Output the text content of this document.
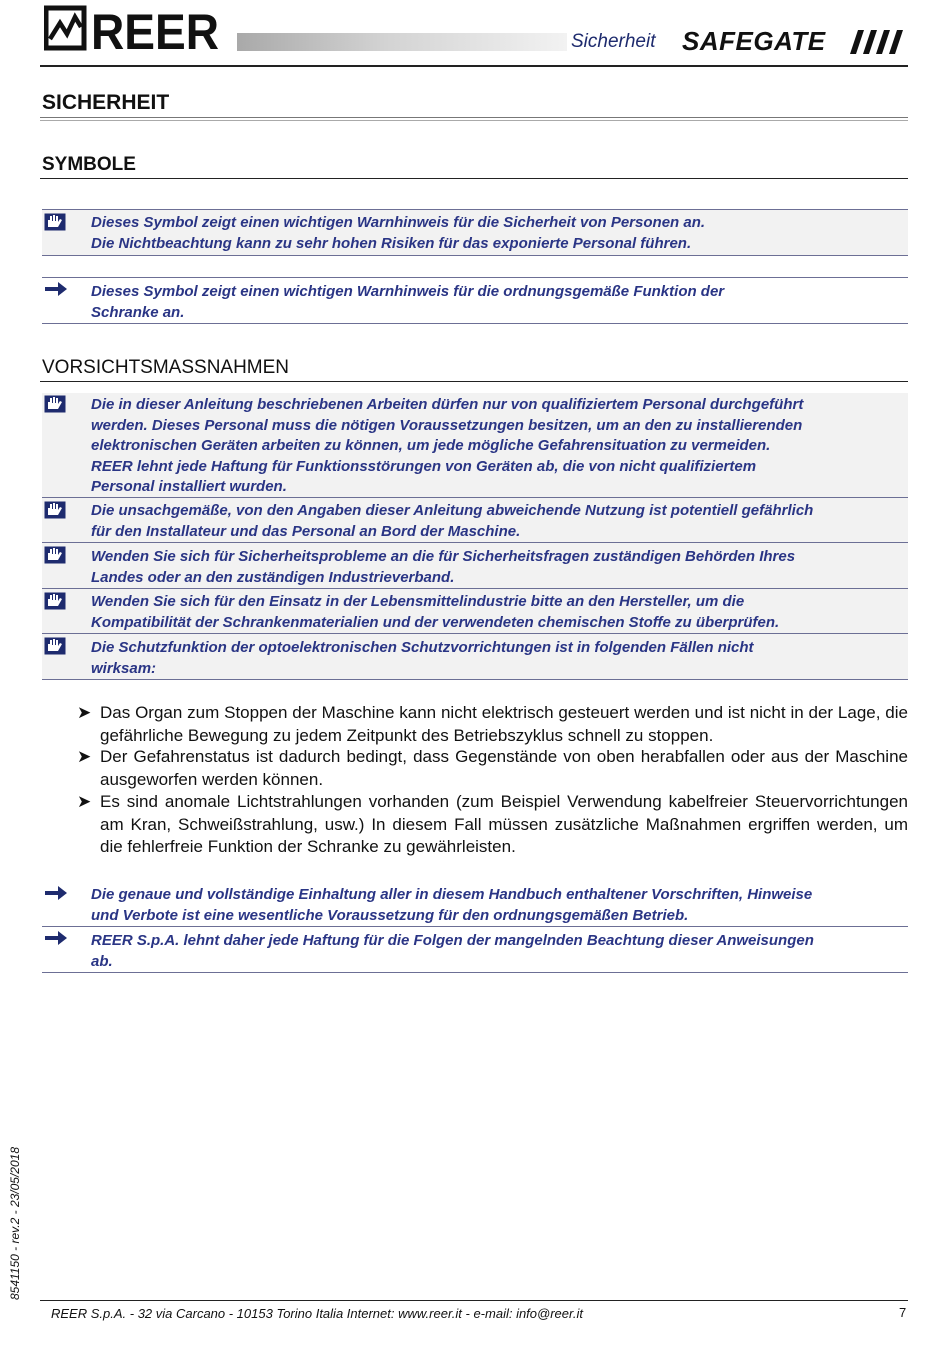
REER	Sicherheit SAFEGATE
SICHERHEIT
SYMBOLE
Dieses Symbol zeigt einen wichtigen Warnhinweis für die Sicherheit von Personen an.
Die Nichtbeachtung kann zu sehr hohen Risiken für das exponierte Personal führen.
Dieses Symbol zeigt einen wichtigen Warnhinweis für die ordnungsgemäße Funktion der
Schranke an.
VORSICHTSMASSNAHMEN
Die in dieser Anleitung beschriebenen Arbeiten dürfen nur von qualifiziertem Personal durchgeführt
werden. Dieses Personal muss die nötigen Voraussetzungen besitzen, um an den zu installierenden
elektronischen Geräten arbeiten zu können, um jede mögliche Gefahrensituation zu vermeiden.
REER lehnt jede Haftung für Funktionsstörungen von Geräten ab, die von nicht qualifiziertem
Personal installiert wurden.
Die unsachgemäße, von den Angaben dieser Anleitung abweichende Nutzung ist potentiell gefährlich
für den Installateur und das Personal an Bord der Maschine.
Wenden Sie sich für Sicherheitsprobleme an die für Sicherheitsfragen zuständigen Behörden Ihres
Landes oder an den zuständigen Industrieverband.
Wenden Sie sich für den Einsatz in der Lebensmittelindustrie bitte an den Hersteller, um die
Kompatibilität der Schrankenmaterialien und der verwendeten chemischen Stoffe zu überprüfen.
Die Schutzfunktion der optoelektronischen Schutzvorrichtungen ist in folgenden Fällen nicht
wirksam:
➤ Das Organ zum Stoppen der Maschine kann nicht elektrisch gesteuert werden und ist nicht in der Lage, die gefährliche Bewegung zu jedem Zeitpunkt des Betriebszyklus schnell zu stoppen.
➤ Der Gefahrenstatus ist dadurch bedingt, dass Gegenstände von oben herabfallen oder aus der Maschine ausgeworfen werden können.
➤ Es sind anomale Lichtstrahlungen vorhanden (zum Beispiel Verwendung kabelfreier Steuervorrichtungen am Kran, Schweißstrahlung, usw.) In diesem Fall müssen zusätzliche Maßnahmen ergriffen werden, um die fehlerfreie Funktion der Schranke zu gewährleisten.
Die genaue und vollständige Einhaltung aller in diesem Handbuch enthaltener Vorschriften, Hinweise
und Verbote ist eine wesentliche Voraussetzung für den ordnungsgemäßen Betrieb.
REER S.p.A. lehnt daher jede Haftung für die Folgen der mangelnden Beachtung dieser Anweisungen
ab.
8541150 - rev.2 - 23/05/2018
REER S.p.A. - 32 via Carcano - 10153 Torino Italia Internet: www.reer.it - e-mail: info@reer.it	7
